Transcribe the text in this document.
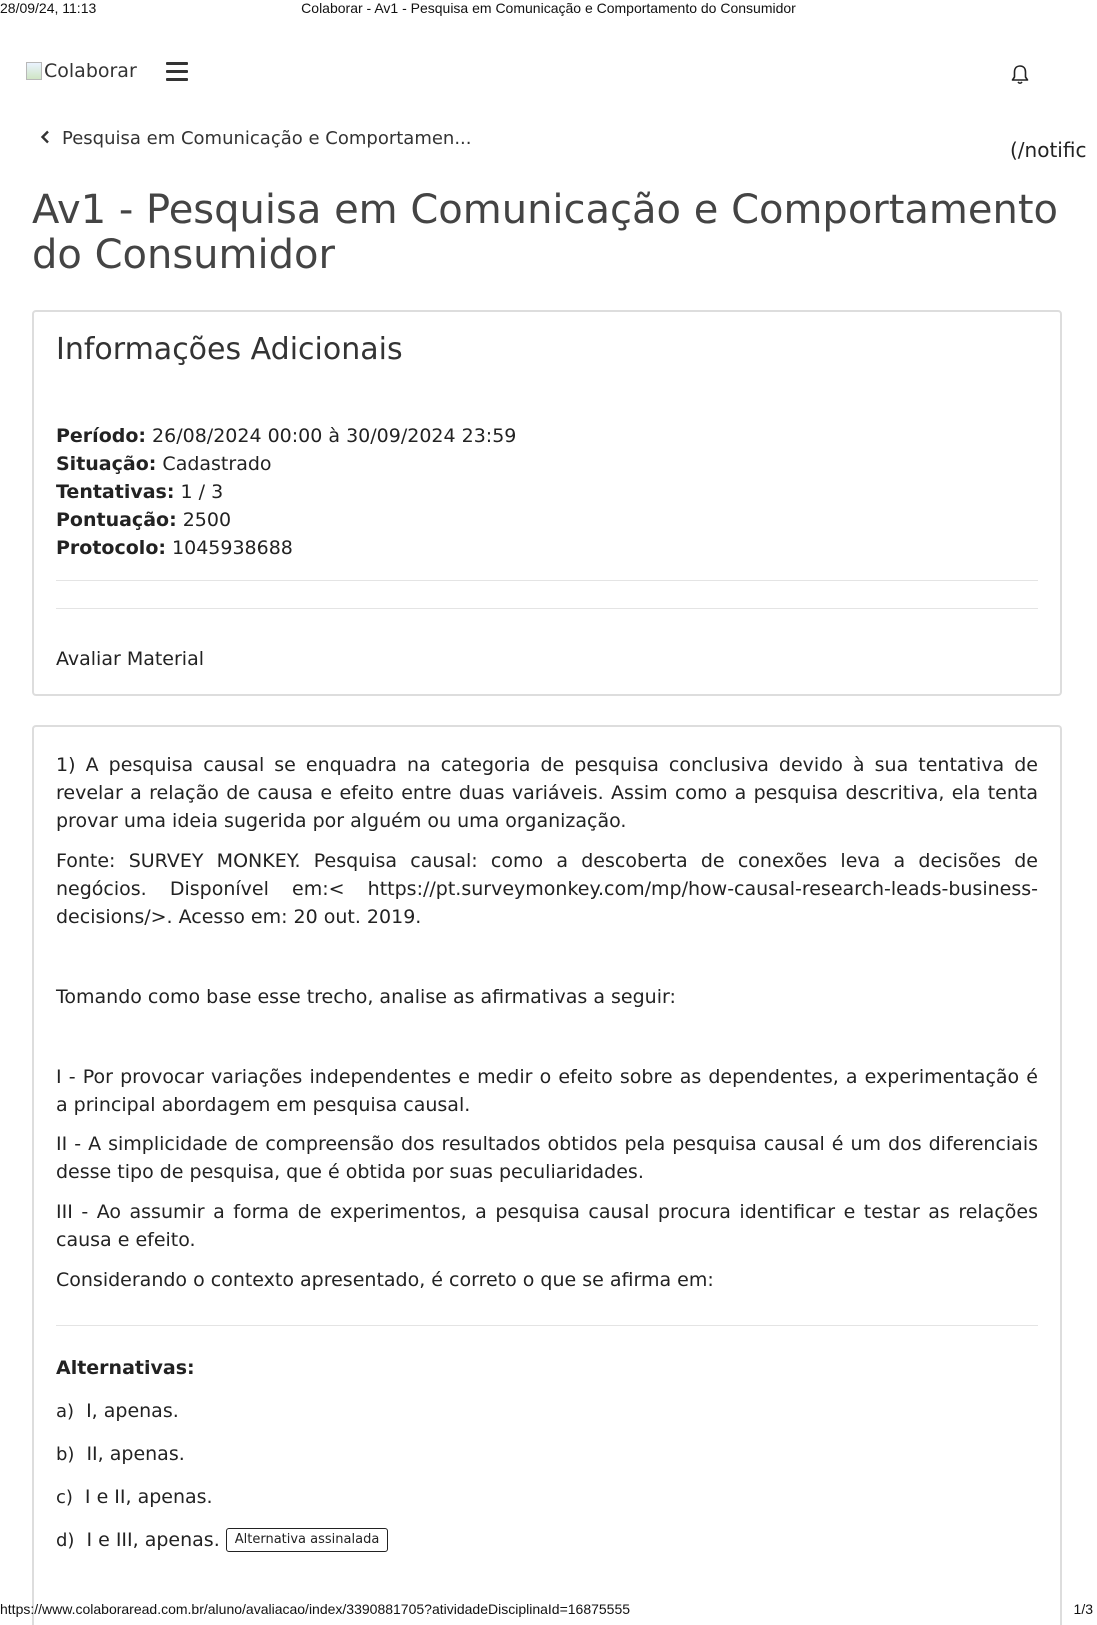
28/09/24, 11:13	Colaborar - Av1 - Pesquisa em Comunicação e Comportamento do Consumidor
Colaborar
Pesquisa em Comunicação e Comportamen...	(/notific
Av1 - Pesquisa em Comunicação e Comportamento do Consumidor
Informações Adicionais
Período: 26/08/2024 00:00 à 30/09/2024 23:59
Situação: Cadastrado
Tentativas: 1 / 3
Pontuação: 2500
Protocolo: 1045938688
Avaliar Material

1) A pesquisa causal se enquadra na categoria de pesquisa conclusiva devido à sua tentativa de revelar a relação de causa e efeito entre duas variáveis. Assim como a pesquisa descritiva, ela tenta provar uma ideia sugerida por alguém ou uma organização.

Fonte: SURVEY MONKEY. Pesquisa causal: como a descoberta de conexões leva a decisões de negócios. Disponível em:< https://pt.surveymonkey.com/mp/how-causal-research-leads-business-decisions/>. Acesso em: 20 out. 2019.

Tomando como base esse trecho, analise as afirmativas a seguir:

I - Por provocar variações independentes e medir o efeito sobre as dependentes, a experimentação é a principal abordagem em pesquisa causal.

II - A simplicidade de compreensão dos resultados obtidos pela pesquisa causal é um dos diferenciais desse tipo de pesquisa, que é obtida por suas peculiaridades.

III - Ao assumir a forma de experimentos, a pesquisa causal procura identificar e testar as relações causa e efeito.

Considerando o contexto apresentado, é correto o que se afirma em:

Alternativas:
a) I, apenas.
b) II, apenas.
c) I e II, apenas.
d) I e III, apenas.	Alternativa assinalada
https://www.colaboraread.com.br/aluno/avaliacao/index/3390881705?atividadeDisciplinaId=16875555	1/3
